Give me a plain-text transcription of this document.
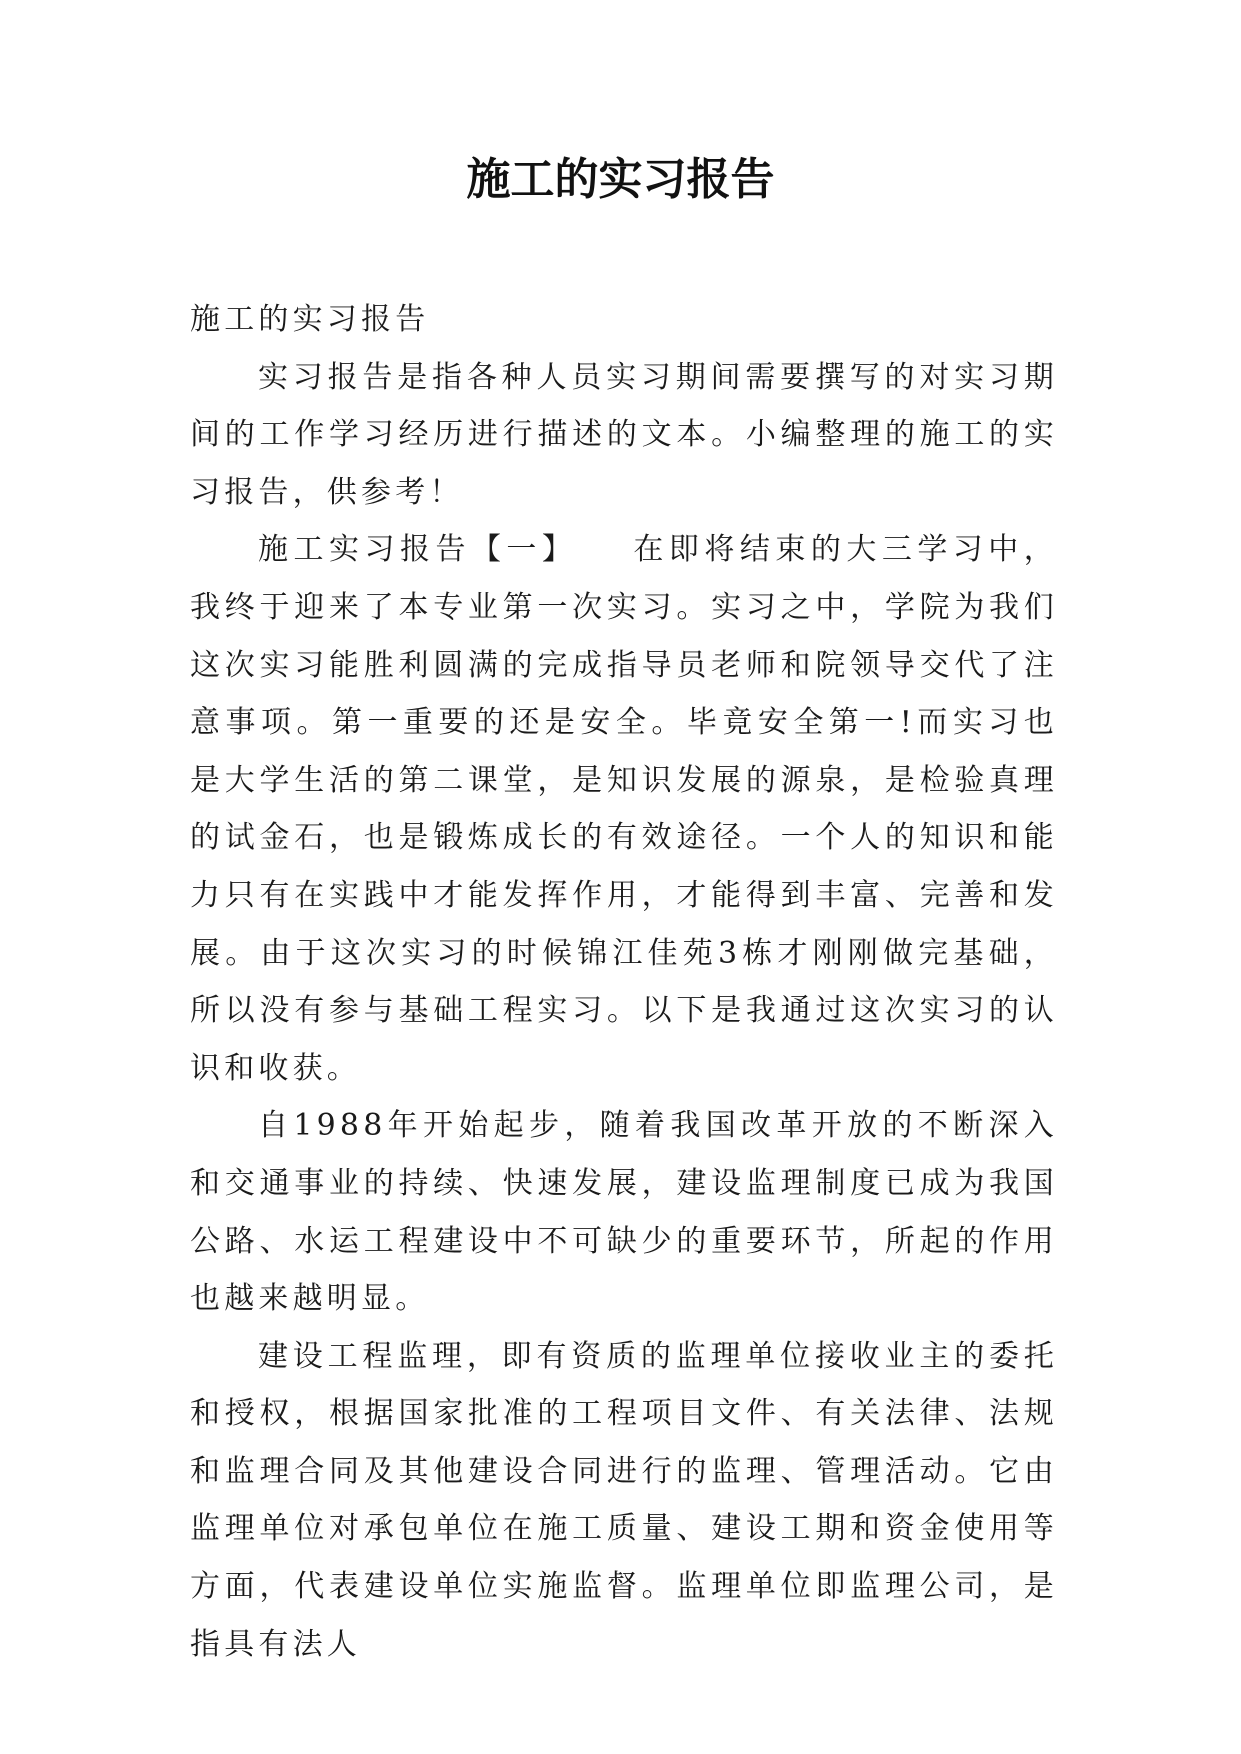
施工的实习报告

施工的实习报告

实习报告是指各种人员实习期间需要撰写的对实习期间的工作学习经历进行描述的文本。小编整理的施工的实习报告，供参考！

施工实习报告【一】　　在即将结束的大三学习中，我终于迎来了本专业第一次实习。实习之中，学院为我们这次实习能胜利圆满的完成指导员老师和院领导交代了注意事项。第一重要的还是安全。毕竟安全第一!而实习也是大学生活的第二课堂，是知识发展的源泉，是检验真理的试金石，也是锻炼成长的有效途径。一个人的知识和能力只有在实践中才能发挥作用，才能得到丰富、完善和发展。由于这次实习的时候锦江佳苑3栋才刚刚做完基础，所以没有参与基础工程实习。以下是我通过这次实习的认识和收获。

自1988年开始起步，随着我国改革开放的不断深入和交通事业的持续、快速发展，建设监理制度已成为我国公路、水运工程建设中不可缺少的重要环节，所起的作用也越来越明显。

建设工程监理，即有资质的监理单位接收业主的委托和授权，根据国家批准的工程项目文件、有关法律、法规和监理合同及其他建设合同进行的监理、管理活动。它由监理单位对承包单位在施工质量、建设工期和资金使用等方面，代表建设单位实施监督。监理单位即监理公司，是指具有法人
